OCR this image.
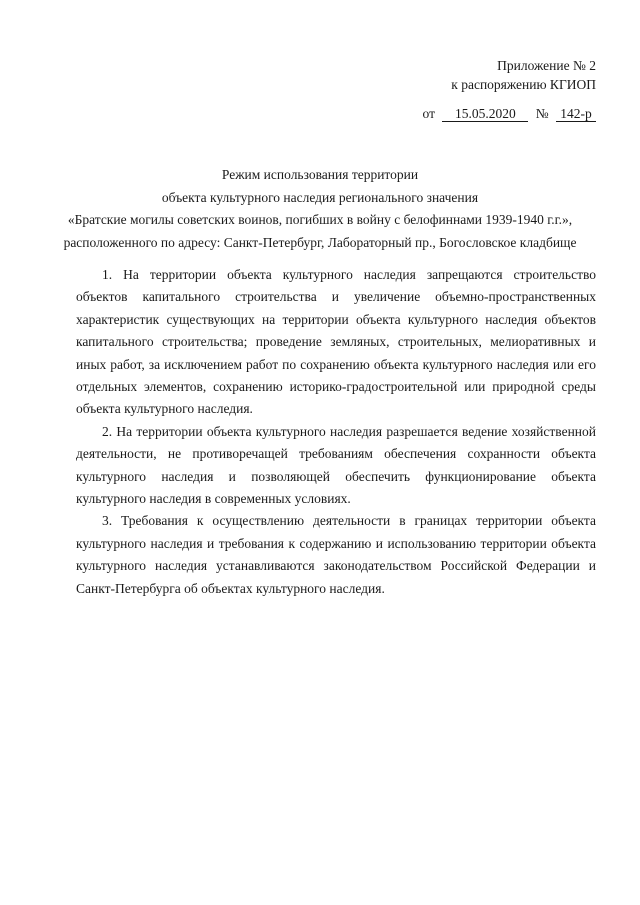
Приложение № 2
к распоряжению КГИОП
от 15.05.2020 № 142-р
Режим использования территории
объекта культурного наследия регионального значения
«Братские могилы советских воинов, погибших в войну с белофиннами 1939-1940 г.г.»,
расположенного по адресу: Санкт-Петербург, Лабораторный пр., Богословское кладбище

1. На территории объекта культурного наследия запрещаются строительство объектов капитального строительства и увеличение объемно-пространственных характеристик существующих на территории объекта культурного наследия объектов капитального строительства; проведение земляных, строительных, мелиоративных и иных работ, за исключением работ по сохранению объекта культурного наследия или его отдельных элементов, сохранению историко-градостроительной или природной среды объекта культурного наследия.

2. На территории объекта культурного наследия разрешается ведение хозяйственной деятельности, не противоречащей требованиям обеспечения сохранности объекта культурного наследия и позволяющей обеспечить функционирование объекта культурного наследия в современных условиях.

3. Требования к осуществлению деятельности в границах территории объекта культурного наследия и требования к содержанию и использованию территории объекта культурного наследия устанавливаются законодательством Российской Федерации и Санкт-Петербурга об объектах культурного наследия.
